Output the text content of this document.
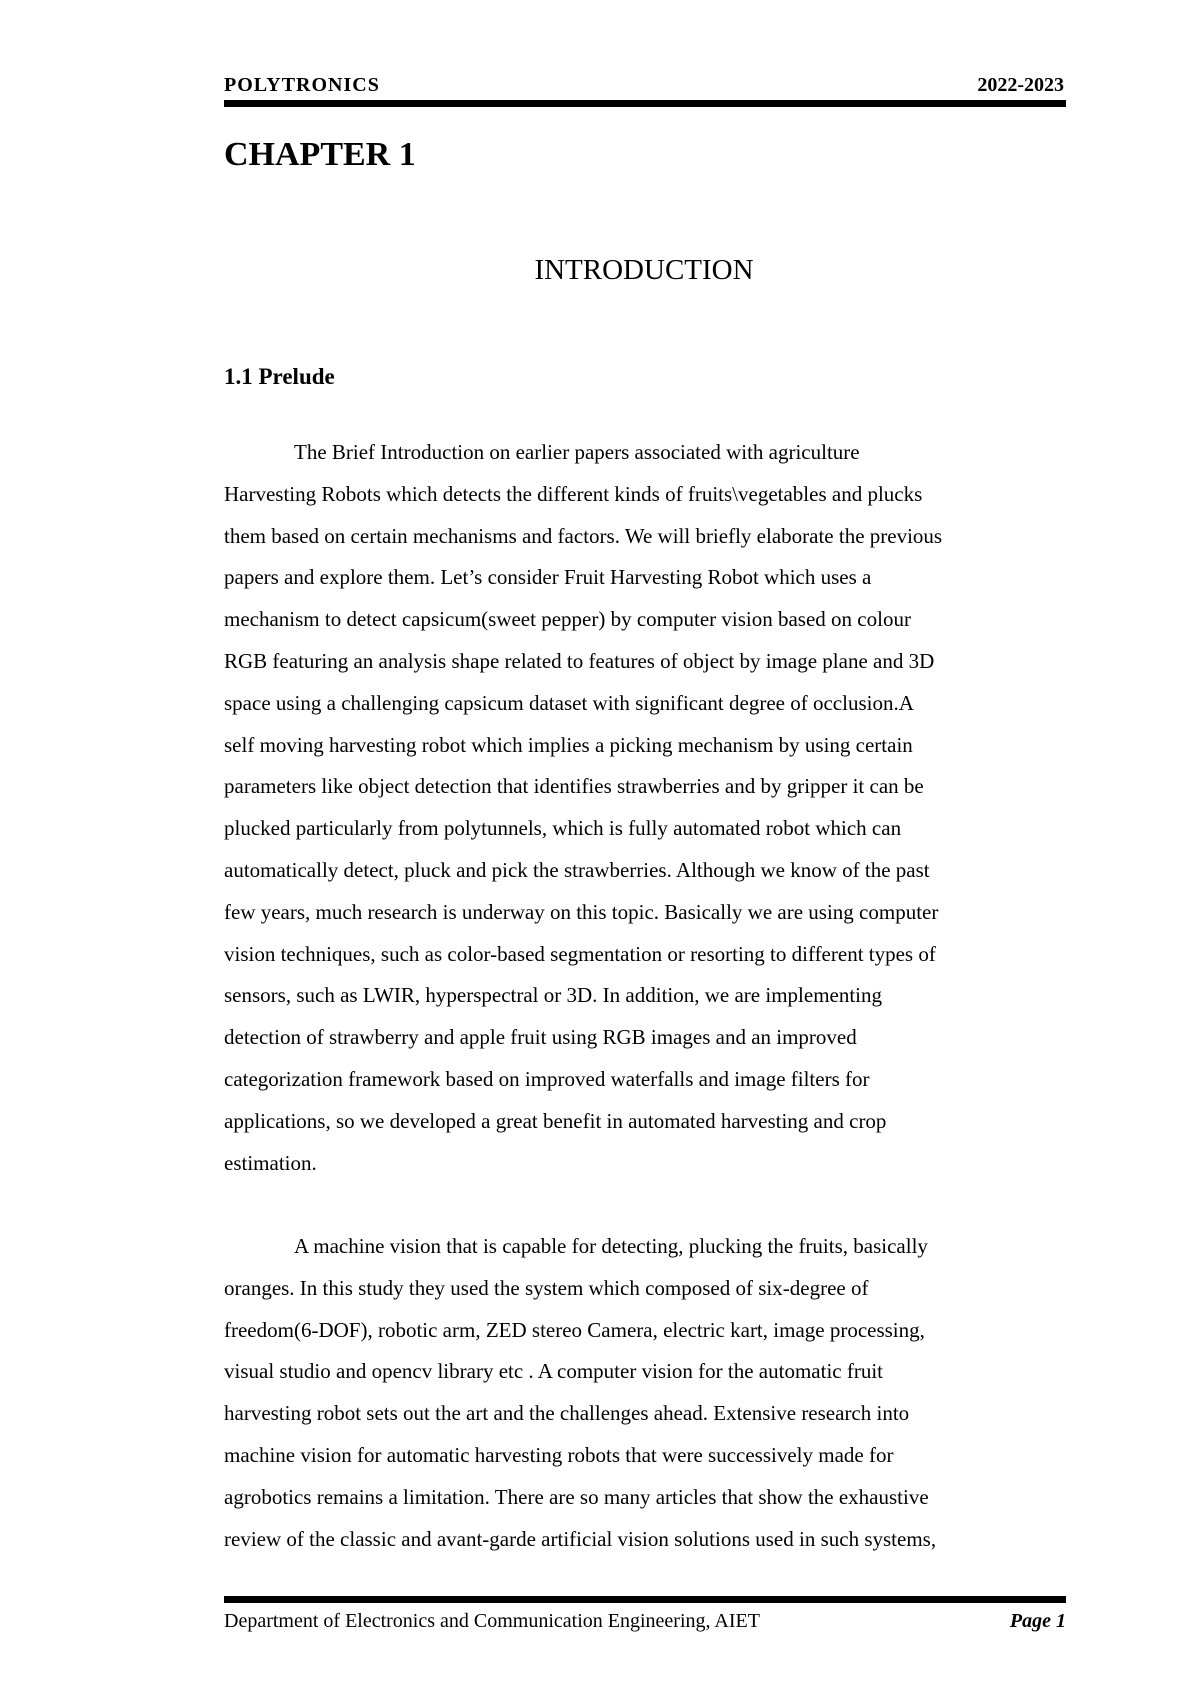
POLYTRONICS	2022-2023
CHAPTER 1
INTRODUCTION
1.1 Prelude

The Brief Introduction on earlier papers associated with agriculture
Harvesting Robots which detects the different kinds of fruits\vegetables and plucks
them based on certain mechanisms and factors. We will briefly elaborate the previous
papers and explore them. Let’s consider Fruit Harvesting Robot which uses a
mechanism to detect capsicum(sweet pepper) by computer vision based on colour
RGB featuring an analysis shape related to features of object by image plane and 3D
space using a challenging capsicum dataset with significant degree of occlusion.A
self moving harvesting robot which implies a picking mechanism by using certain
parameters like object detection that identifies strawberries and by gripper it can be
plucked particularly from polytunnels, which is fully automated robot which can
automatically detect, pluck and pick the strawberries. Although we know of the past
few years, much research is underway on this topic. Basically we are using computer
vision techniques, such as color-based segmentation or resorting to different types of
sensors, such as LWIR, hyperspectral or 3D. In addition, we are implementing
detection of strawberry and apple fruit using RGB images and an improved
categorization framework based on improved waterfalls and image filters for
applications, so we developed a great benefit in automated harvesting and crop
estimation.

A machine vision that is capable for detecting, plucking the fruits, basically
oranges. In this study they used the system which composed of six-degree of
freedom(6-DOF), robotic arm, ZED stereo Camera, electric kart, image processing,
visual studio and opencv library etc . A computer vision for the automatic fruit
harvesting robot sets out the art and the challenges ahead. Extensive research into
machine vision for automatic harvesting robots that were successively made for
agrobotics remains a limitation. There are so many articles that show the exhaustive
review of the classic and avant-garde artificial vision solutions used in such systems,

Department of Electronics and Communication Engineering, AIET	Page 1
